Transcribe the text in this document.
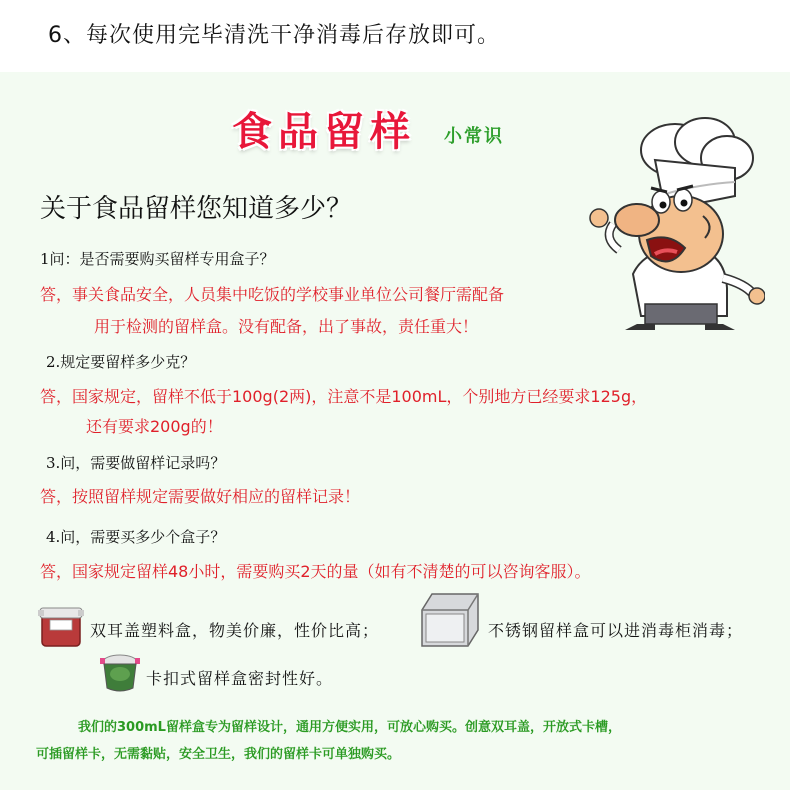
6、每次使用完毕清洗干净消毒后存放即可。
食品留样 小常识
关于食品留样您知道多少？
1问：是否需要购买留样专用盒子？
答，事关食品安全，人员集中吃饭的学校事业单位公司餐厅需配备
用于检测的留样盒。没有配备，出了事故，责任重大！
2.规定要留样多少克？
答，国家规定，留样不低于100g(2两)，注意不是100mL，个别地方已经要求125g，
还有要求200g的！
3.问，需要做留样记录吗？
答，按照留样规定需要做好相应的留样记录！
4.问，需要买多少个盒子？
答，国家规定留样48小时，需要购买2天的量（如有不清楚的可以咨询客服）。
双耳盖塑料盒，物美价廉，性价比高；	不锈钢留样盒可以进消毒柜消毒；
卡扣式留样盒密封性好。
我们的300mL留样盒专为留样设计，通用方便实用，可放心购买。创意双耳盖，开放式卡槽，
可插留样卡，无需黏贴，安全卫生，我们的留样卡可单独购买。
